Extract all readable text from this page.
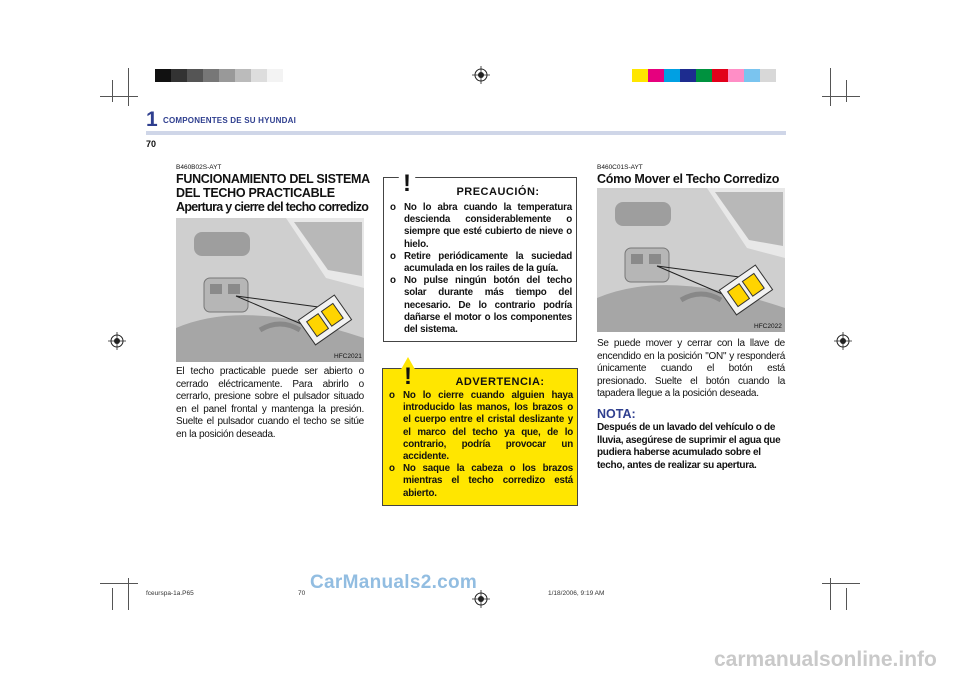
1 COMPONENTES DE SU HYUNDAI
70
B460B02S-AYT
FUNCIONAMIENTO DEL SISTEMA
DEL TECHO PRACTICABLE
Apertura y cierre del techo corredizo
HFC2021
El techo practicable puede ser abierto o cerrado eléctricamente. Para abrirlo o cerrarlo, presione sobre el pulsador situado en el panel frontal y mantenga la presión. Suelte el pulsador cuando el techo se sitúe en la posición deseada.
PRECAUCIÓN:
o No lo abra cuando la temperatura descienda considerablemente o siempre que esté cubierto de nieve o hielo.
o Retire periódicamente la suciedad acumulada en los railes de la guía.
o No pulse ningún botón del techo solar durante más tiempo del necesario. De lo contrario podría dañarse el motor o los componentes del sistema.
!
ADVERTENCIA:
o No lo cierre cuando alguien haya introducido las manos, los brazos o el cuerpo entre el cristal deslizante y el marco del techo ya que, de lo contrario, podría provocar un accidente.
o No saque la cabeza o los brazos mientras el techo corredizo está abierto.
!
B460C01S-AYT
Cómo Mover el Techo Corredizo
HFC2022
Se puede mover y cerrar con la llave de encendido en la posición "ON" y responderá únicamente cuando el botón está presionado. Suelte el botón cuando la tapadera llegue a la posición deseada.
NOTA:
Después de un lavado del vehículo o de lluvia, asegúrese de suprimir el agua que pudiera haberse acumulado sobre el techo, antes de realizar su apertura.
fceurspa-1a.P65	70	1/18/2006, 9:19 AM
CarManuals2.com
carmanualsonline.info
